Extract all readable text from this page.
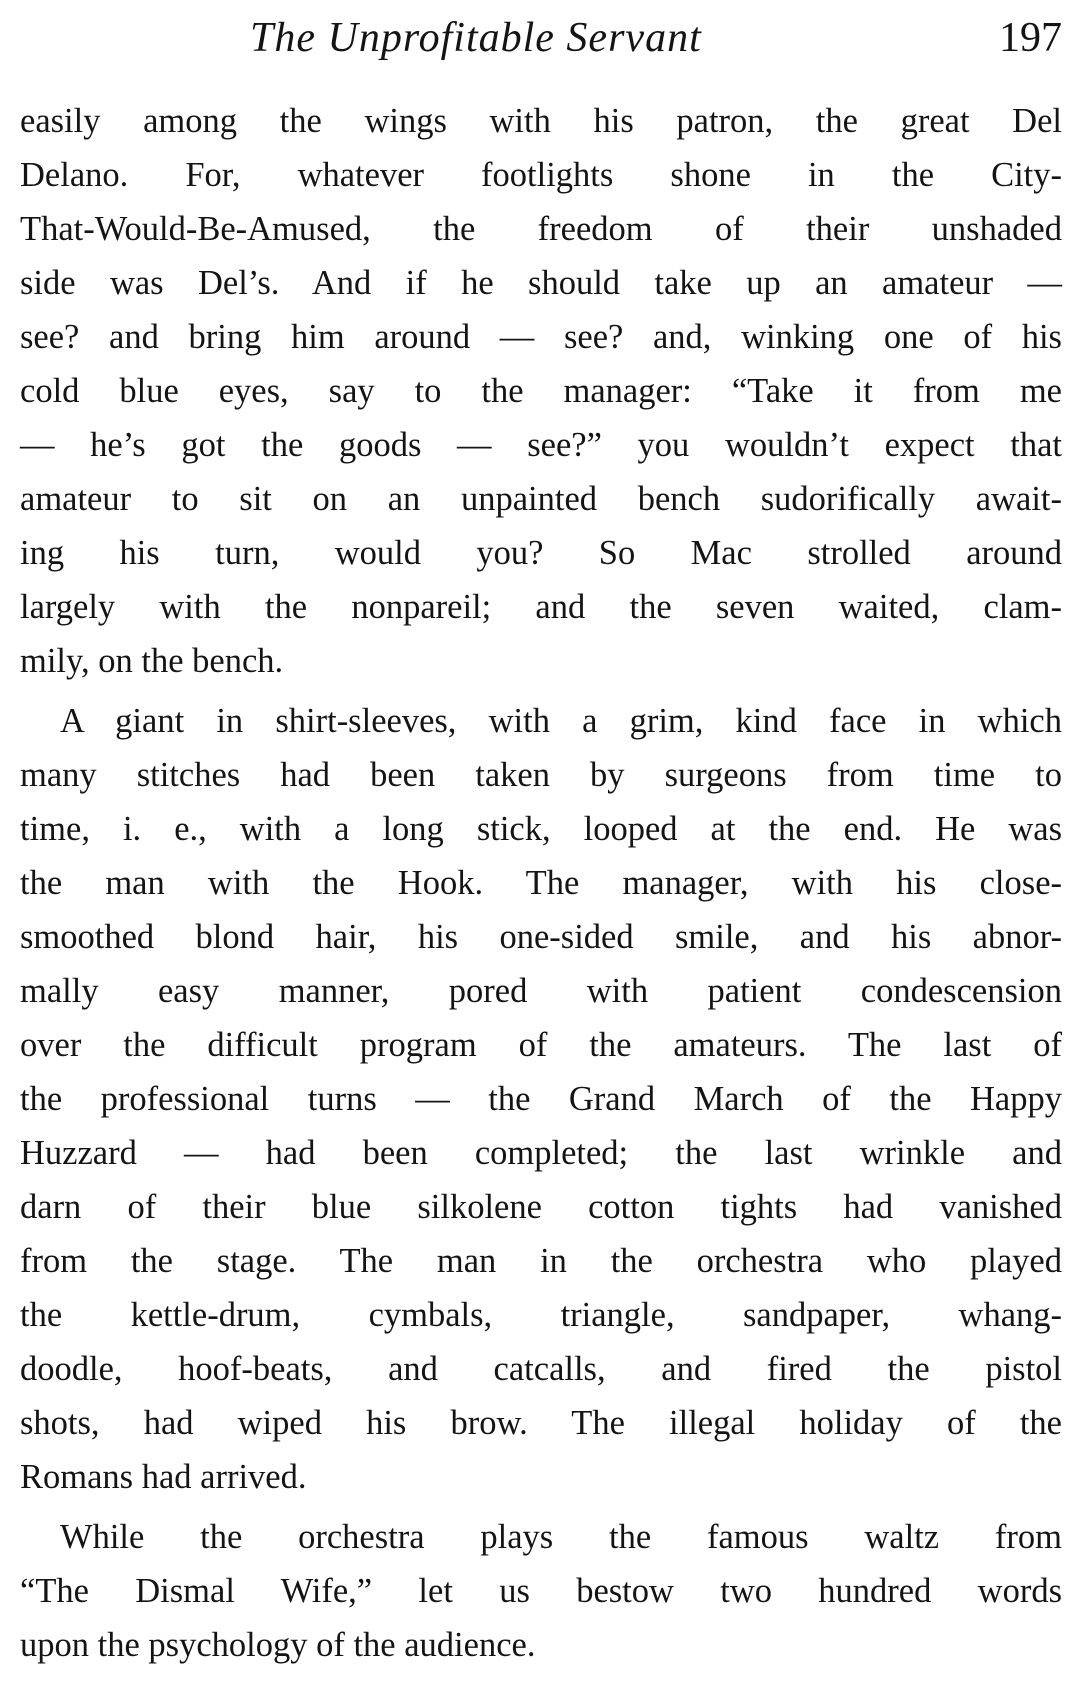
The Unprofitable Servant	197

easily among the wings with his patron, the great Del
Delano. For, whatever footlights shone in the City-
That-Would-Be-Amused, the freedom of their unshaded
side was Del’s. And if he should take up an amateur —
see? and bring him around — see? and, winking one of his
cold blue eyes, say to the manager: “Take it from me
— he’s got the goods — see?” you wouldn’t expect that
amateur to sit on an unpainted bench sudorifically await-
ing his turn, would you? So Mac strolled around
largely with the nonpareil; and the seven waited, clam-
mily, on the bench.

A giant in shirt-sleeves, with a grim, kind face in which
many stitches had been taken by surgeons from time to
time, i. e., with a long stick, looped at the end. He was
the man with the Hook. The manager, with his close-
smoothed blond hair, his one-sided smile, and his abnor-
mally easy manner, pored with patient condescension
over the difficult program of the amateurs. The last of
the professional turns — the Grand March of the Happy
Huzzard — had been completed; the last wrinkle and
darn of their blue silkolene cotton tights had vanished
from the stage. The man in the orchestra who played
the kettle-drum, cymbals, triangle, sandpaper, whang-
doodle, hoof-beats, and catcalls, and fired the pistol
shots, had wiped his brow. The illegal holiday of the
Romans had arrived.

While the orchestra plays the famous waltz from
“The Dismal Wife,” let us bestow two hundred words
upon the psychology of the audience.
